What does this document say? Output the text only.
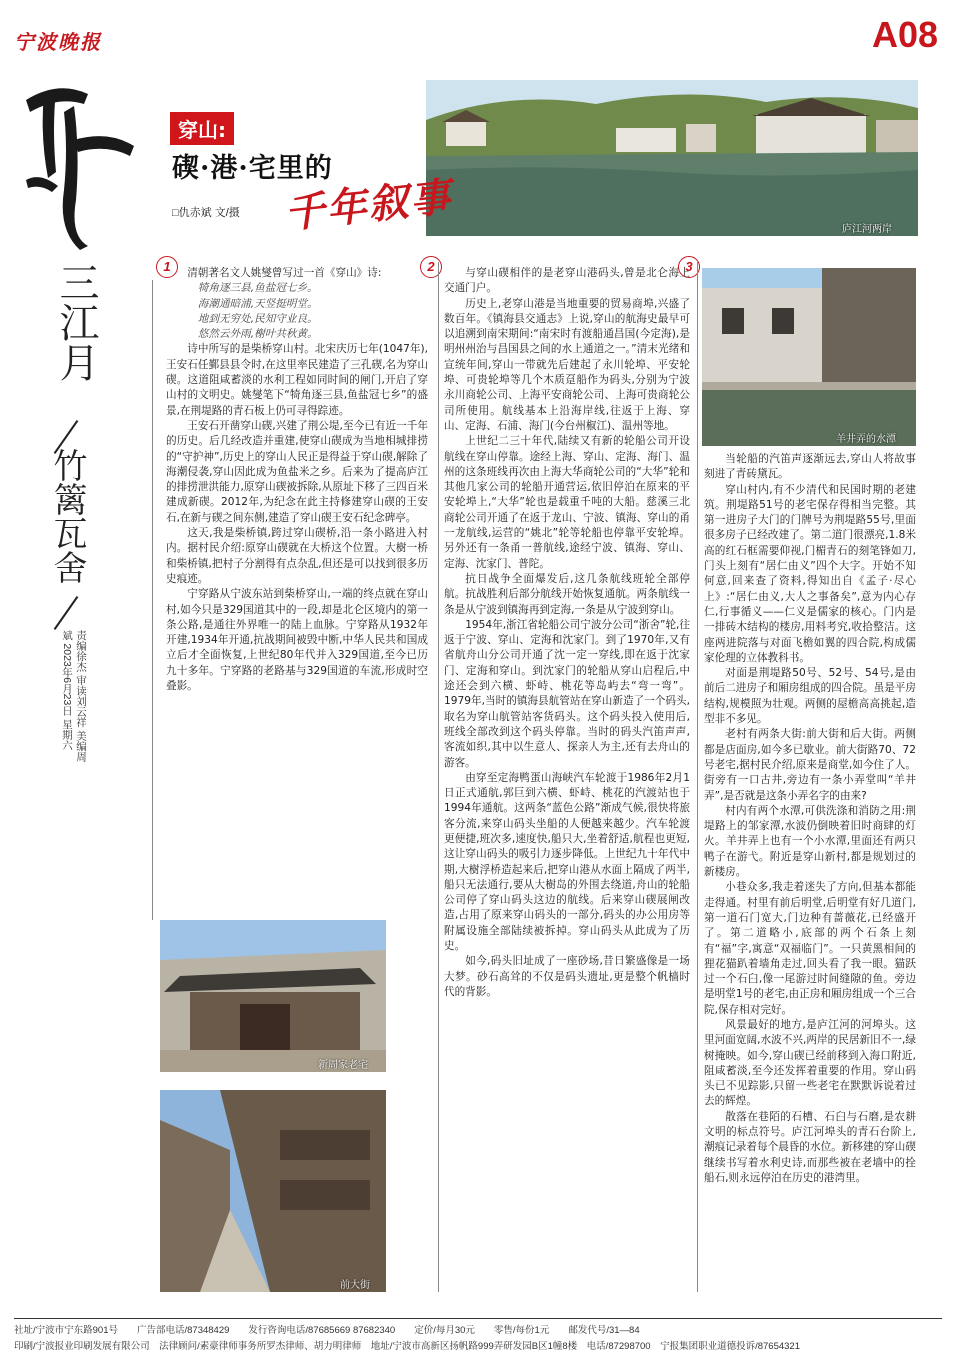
宁波晚报	A08
三江月
竹篱瓦舍
责编徐杰 审读刘云祥 美编周斌 2023年6月23日 星期六
庐江河两岸
穿山:
碶·港·宅里的
千年叙事
□仇赤斌 文/摄
1	2	3

清朝著名文人姚燮曾写过一首《穿山》诗:

犄角逐三县,鱼盐冠七乡。
海潮通暗浦,天竖挺明堂。
地到无穷处,民知守业良。
悠然云外雨,榭叶共秋黄。

诗中所写的是柴桥穿山村。北宋庆历七年(1047年),王安石任鄞县县令时,在这里率民建造了三孔碶,名为穿山碶。这道阻咸蓄淡的水利工程如同时间的闸门,开启了穿山村的文明史。姚燮笔下“犄角逐三县,鱼盐冠七乡”的盛景,在荆堤路的青石板上仍可寻得踪迹。

王安石开凿穿山碶,兴建了荆公堤,至今已有近一千年的历史。后几经改造并重建,使穿山碶成为当地相城排捞的“守护神”,历史上的穿山人民正是得益于穿山碶,解除了海潮侵袭,穿山因此成为鱼盐米之乡。后来为了提高庐江的排捞泄洪能力,原穿山碶被拆除,从原址下移了三四百米建成新碶。2012年,为纪念在此主持修建穿山碶的王安石,在新与碶之间东侧,建造了穿山碶王安石纪念碑亭。

这天,我是柴桥镇,跨过穿山碶桥,沿一条小路进入村内。据村民介绍:原穿山碶就在大桥这个位置。大樹一桥和柴桥镇,把村子分割得有点杂乱,但还是可以找到很多历史痕迹。

宁穿路从宁波东站到柴桥穿山,一端的终点就在穿山村,如今只是329国道其中的一段,却是北仑区境内的第一条公路,是通往外界唯一的陆上血脉。宁穿路从1932年开建,1934年开通,抗战期间被毁中断,中华人民共和国成立后才全面恢复,上世纪80年代并入329国道,至今已历九十多年。宁穿路的老路基与329国道的车流,形成时空叠影。

新周家老宅
前大街

与穿山碶相伴的是老穿山港码头,曾是北仑海上交通门户。

历史上,老穿山港是当地重要的贸易商埠,兴盛了数百年。《镇海县交通志》上说,穿山的航海史最早可以追溯到南宋期间:“南宋时有渡船通昌国(今定海),是明州州治与昌国县之间的水上通道之一。”清末光绪和宣统年间,穿山一带就先后建起了永川轮埠、平安轮埠、可贵轮埠等几个木质趸船作为码头,分别为宁波永川商轮公司、上海平安商轮公司、上海可贵商轮公司所使用。航线基本上沿海岸线,往返于上海、穿山、定海、石浦、海门(今台州椒江)、温州等地。

上世纪二三十年代,陆续又有新的轮船公司开设航线在穿山停靠。途经上海、穿山、定海、海门、温州的这条班线再次由上海大华商轮公司的“大华”轮和其他几家公司的轮船开通营运,依旧停泊在原来的平安轮埠上,“大华”轮也是载重千吨的大船。慈溪三北商轮公司开通了在返于龙山、宁波、镇海、穿山的甬一龙航线,运营的“姚北”轮等轮船也停靠平安轮埠。另外还有一条甬一普航线,途经宁波、镇海、穿山、定海、沈家门、普陀。

抗日战争全面爆发后,这几条航线班轮全部停航。抗战胜利后部分航线开始恢复通航。两条航线一条是从宁波到镇海再到定海,一条是从宁波到穿山。

1954年,浙江省轮船公司宁波分公司“浙舍”轮,往返于宁波、穿山、定海和沈家门。到了1970年,又有省航舟山分公司开通了沈一定一穿线,即在返于沈家门、定海和穿山。到沈家门的轮船从穿山启程后,中途还会到六横、虾峙、桃花等岛屿去“弯一弯”。1979年,当时的镇海县航管站在穿山新造了一个码头,取名为穿山航管站客货码头。这个码头投入使用后,班线全部改到这个码头停靠。当时的码头汽笛声声,客流如织,其中以生意人、探亲人为主,还有去舟山的游客。

由穿至定海鸭蛋山海峡汽车轮渡于1986年2月1日正式通航,郭巨到六横、虾峙、桃花的汽渡站也于1994年通航。这两条“蓝色公路”渐成气候,很快将旅客分流,来穿山码头坐船的人便越来越少。汽车轮渡更便捷,班次多,速度快,船只大,坐着舒适,航程也更短,这让穿山码头的吸引力逐步降低。上世纪九十年代中期,大樹浮桥造起来后,把穿山港从水面上隔成了两半,船只无法通行,要从大樹岛的外围去绕道,舟山的轮船公司停了穿山码头这边的航线。后来穿山碶展闸改造,占用了原来穿山码头的一部分,码头的办公用房等附属设施全部陆续被拆掉。穿山码头从此成为了历史。

如今,码头旧址成了一座砂场,昔日繁盛像是一场大梦。砂石高耸的不仅是码头遗址,更是整个帆樯时代的背影。

羊井弄的水潭

当轮船的汽笛声逐渐远去,穿山人将故事刻进了青砖黛瓦。

穿山村内,有不少清代和民国时期的老建筑。荆堤路51号的老宅保存得相当完整。其第一进房子大门的门牌号为荆堤路55号,里面很多房子已经改建了。第二道门很漂亮,1.8米高的红石框需要仰视,门楣青石的刻笔锋如刀,门头上刻有“居仁由义”四个大字。开始不知何意,回来查了资料,得知出自《孟子·尽心上》:“居仁由义,大人之事备矣”,意为内心存仁,行事循义——仁义是儒家的核心。门内是一排砖木结构的楼房,用料考究,收拾整洁。这座两进院落与对面飞檐如翼的四合院,构成儒家伦理的立体教科书。

对面是荆堤路50号、52号、54号,是由前后二进房子和厢房组成的四合院。虽是平房结构,规模照为壮观。两侧的屋檐高高挑起,造型非不多见。

老村有两条大街:前大街和后大街。两侧都是店面房,如今多已歇业。前大街路70、72号老宅,据村民介绍,原来是商堂,如今住了人。街旁有一口古井,旁边有一条小弄堂叫“羊井弄”,是否就是这条小弄名字的由来?

村内有两个水潭,可供洗涤和消防之用:荆堤路上的邹家潭,水波仍倒映着旧时商肆的灯火。羊井弄上也有一个小水潭,里面还有两只鸭子在游弋。附近是穿山新村,都是规划过的新楼房。

小巷众多,我走着迷失了方向,但基本都能走得通。村里有前后明堂,后明堂有好几道门,第一道石门宽大,门边种有蔷薇花,已经盛开了。第二道略小,底部的两个石条上刻有“福”字,寓意“双福临门”。一只黄黑相间的狸花猫趴着墙角走过,回头看了我一眼。猫跃过一个石臼,像一尾游过时间缝隙的鱼。旁边是明堂1号的老宅,由正房和厢房组成一个三合院,保存相对完好。

风景最好的地方,是庐江河的河埠头。这里河面宽阔,水波不兴,两岸的民居新旧不一,绿树掩映。如今,穿山碶已经前移到入海口附近,阻咸蓄淡,至今还发挥着重要的作用。穿山码头已不见踪影,只留一些老宅在默默诉说着过去的辉煌。

散落在巷陌的石槽、石臼与石磨,是农耕文明的标点符号。庐江河埠头的青石台阶上,潮痕记录着每个晨昏的水位。新移建的穿山碶继续书写着水利史诗,而那些被在老墙中的拴船石,则永远停泊在历史的港湾里。

社址/宁波市宁东路901号　　广告部电话/87348429　　发行咨询电话/87685669 87682340　　定价/每月30元　　零售/每份1元　　邮发代号/31—84
印刷/宁波报业印刷发展有限公司　法律顾问/素豪律师事务所罗杰律师、胡力明律师　地址/宁波市高新区扬帆路999弄研发园B区1幢8楼　电话/87298700　宁报集团职业道德投诉/87654321
